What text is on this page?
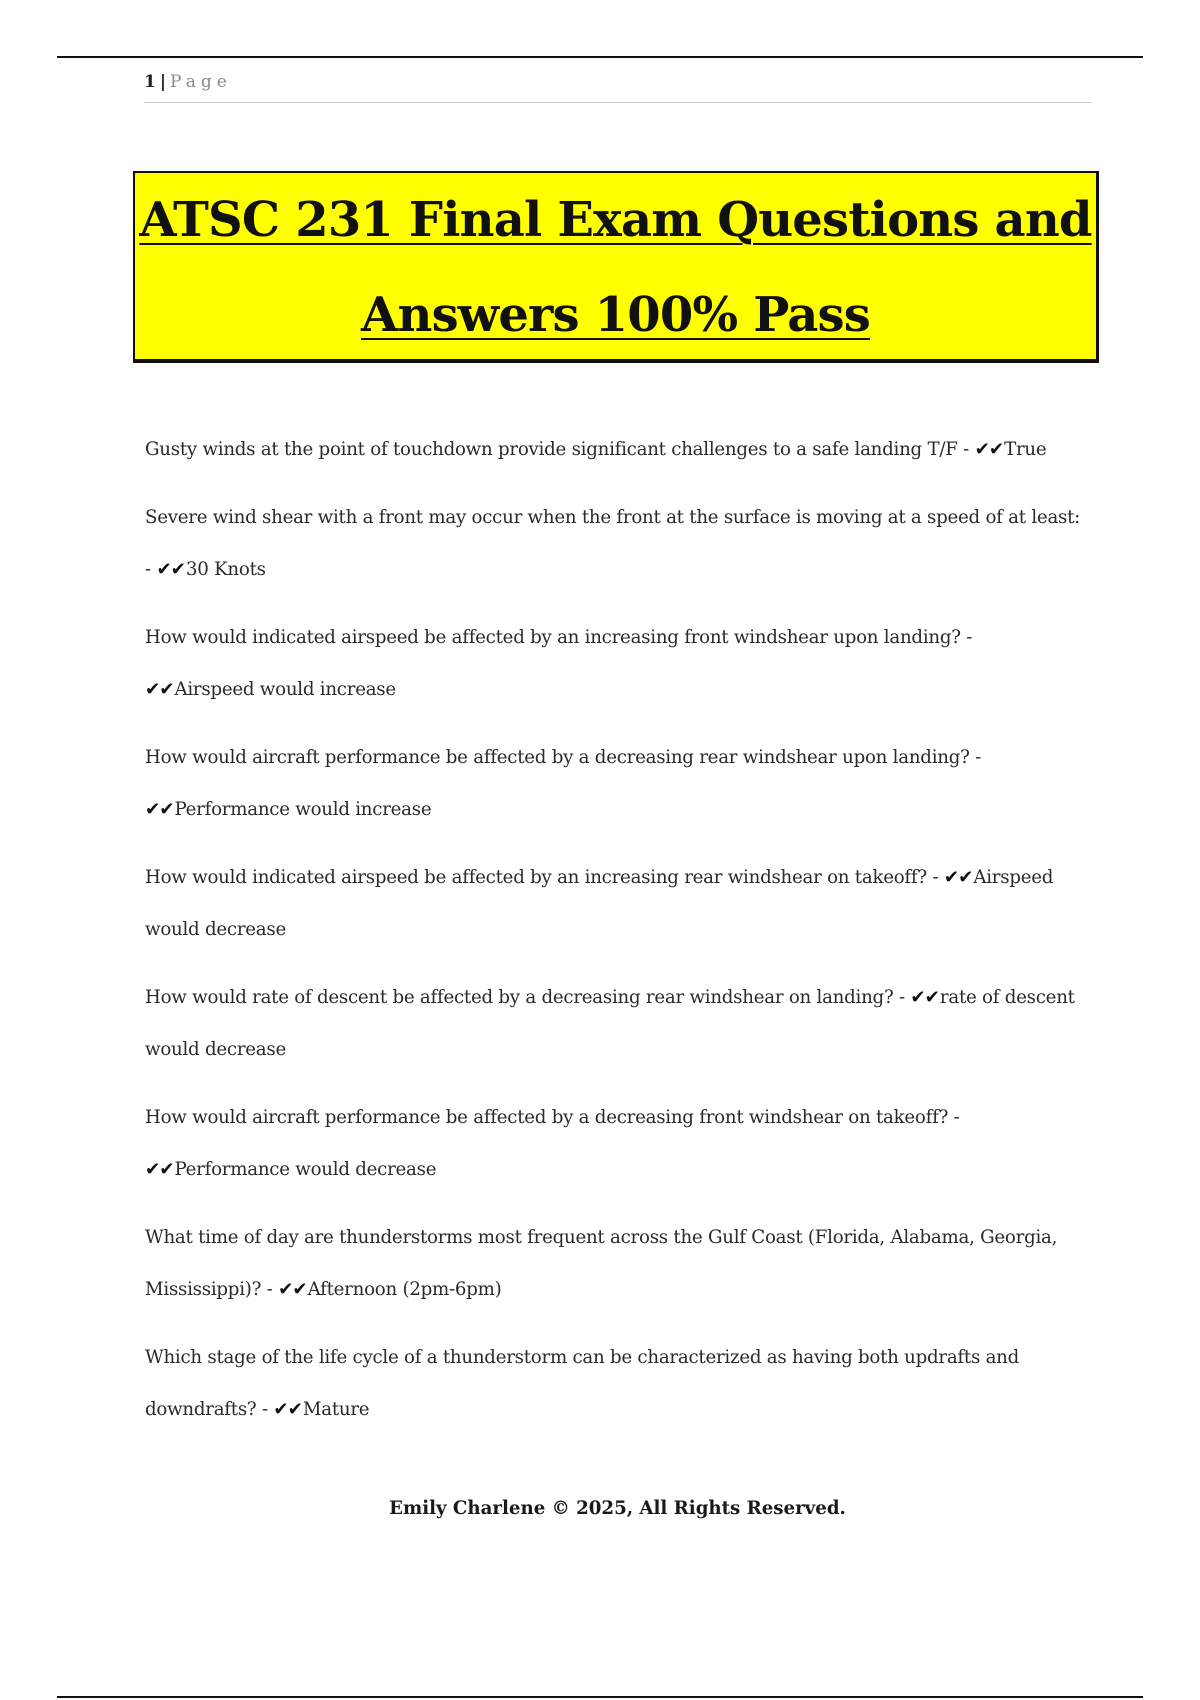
1 | Page
ATSC 231 Final Exam Questions and
Answers 100% Pass
Gusty winds at the point of touchdown provide significant challenges to a safe landing T/F - ✔✔True
Severe wind shear with a front may occur when the front at the surface is moving at a speed of at least: - ✔✔30 Knots
How would indicated airspeed be affected by an increasing front windshear upon landing? - ✔✔Airspeed would increase
How would aircraft performance be affected by a decreasing rear windshear upon landing? - ✔✔Performance would increase
How would indicated airspeed be affected by an increasing rear windshear on takeoff? - ✔✔Airspeed would decrease
How would rate of descent be affected by a decreasing rear windshear on landing? - ✔✔rate of descent would decrease
How would aircraft performance be affected by a decreasing front windshear on takeoff? - ✔✔Performance would decrease
What time of day are thunderstorms most frequent across the Gulf Coast (Florida, Alabama, Georgia, Mississippi)? - ✔✔Afternoon (2pm-6pm)
Which stage of the life cycle of a thunderstorm can be characterized as having both updrafts and downdrafts? - ✔✔Mature
Emily Charlene © 2025, All Rights Reserved.
